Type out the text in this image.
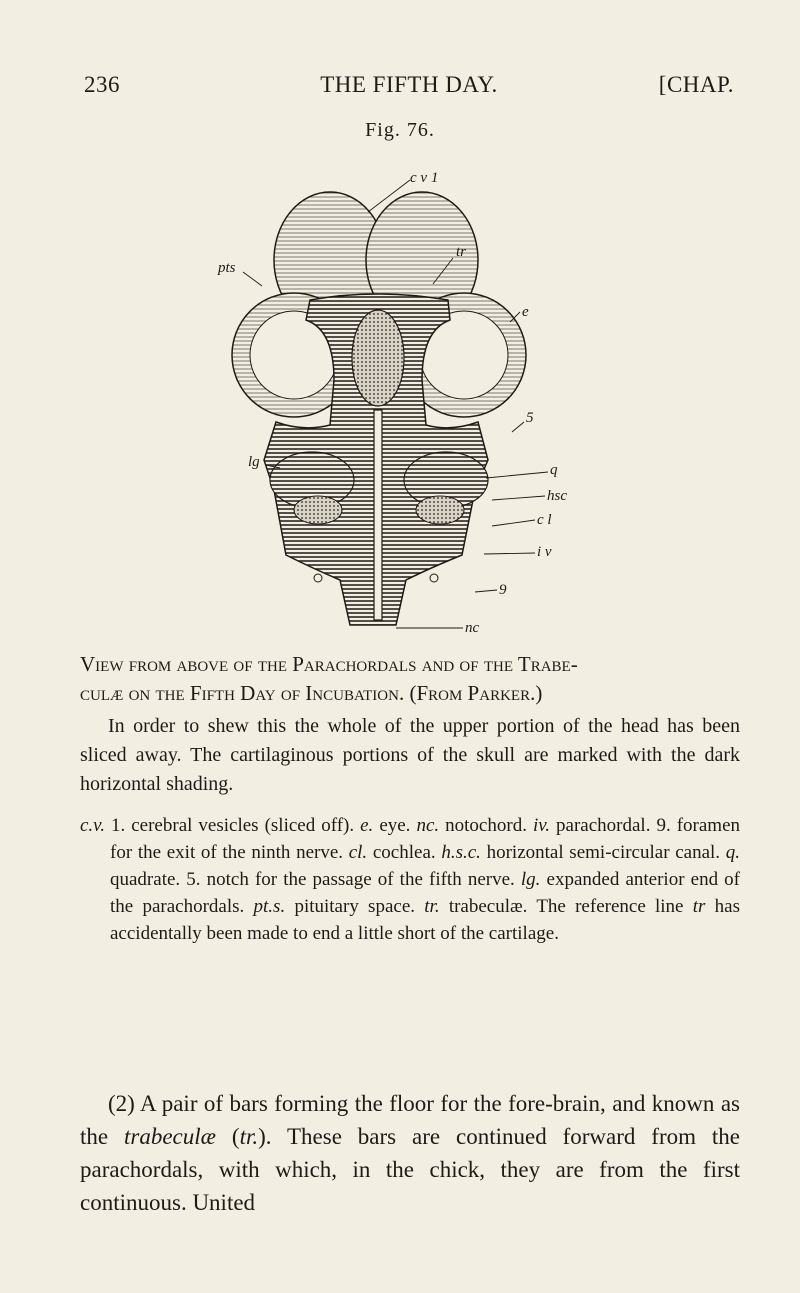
236	THE FIFTH DAY.	[CHAP.
Fig. 76.
c v 1
tr
pts
e
5
lg	q
hsc
c l
i v
9
nc
View from above of the Parachordals and of the Trabe-
culæ on the Fifth Day of Incubation. (From Parker.)
In order to shew this the whole of the upper portion of the head has been sliced away. The cartilaginous portions of the skull are marked with the dark horizontal shading.

c.v. 1. cerebral vesicles (sliced off). e. eye. nc. notochord. iv. parachordal. 9. foramen for the exit of the ninth nerve. cl. cochlea. h.s.c. horizontal semi-circular canal. q. quadrate. 5. notch for the passage of the fifth nerve. lg. expanded anterior end of the parachordals. pt.s. pituitary space. tr. trabeculæ. The reference line tr has accidentally been made to end a little short of the cartilage.

(2) A pair of bars forming the floor for the fore-brain, and known as the trabeculæ (tr.). These bars are continued forward from the parachordals, with which, in the chick, they are from the first continuous. United
